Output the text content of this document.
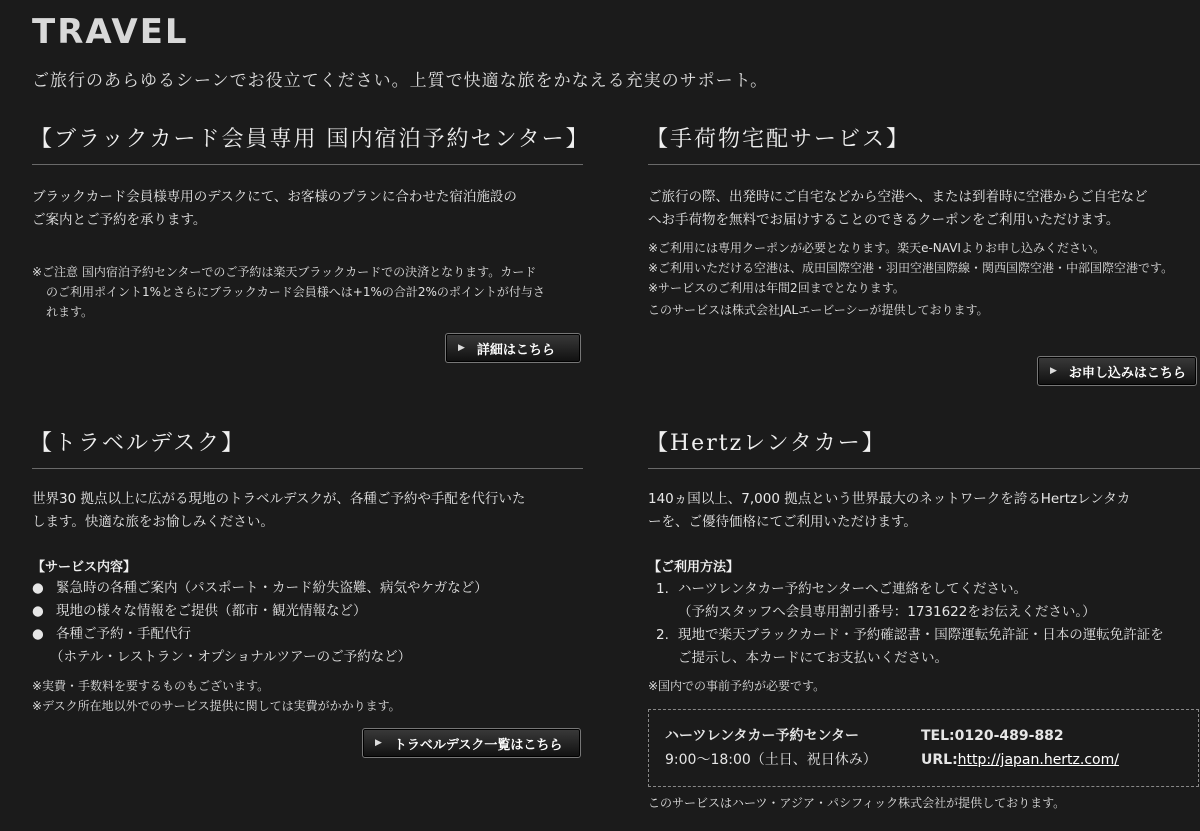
TRAVEL
ご旅行のあらゆるシーンでお役立てください。上質で快適な旅をかなえる充実のサポート。
【ブラックカード会員専用 国内宿泊予約センター】

ブラックカード会員様専用のデスクにて、お客様のプランに合わせた宿泊施設の

ご案内とご予約を承ります。

※ご注意 国内宿泊予約センターでのご予約は楽天ブラックカードでの決済となります。カードのご利用ポイント1%とさらにブラックカード会員様へは+1%の合計2%のポイントが付与されます。
▶ 詳細はこちら
【手荷物宅配サービス】

ご旅行の際、出発時にご自宅などから空港へ、または到着時に空港からご自宅など

へお手荷物を無料でお届けすることのできるクーポンをご利用いただけます。

※ご利用には専用クーポンが必要となります。楽天e-NAVIよりお申し込みください。

※ご利用いただける空港は、成田国際空港・羽田空港国際線・関西国際空港・中部国際空港です。

※サービスのご利用は年間2回までとなります。

このサービスは株式会社JALエービーシーが提供しております。

▶ お申し込みはこちら
【トラベルデスク】

世界30 拠点以上に広がる現地のトラベルデスクが、各種ご予約や手配を代行いた

します。快適な旅をお愉しみください。

【サービス内容】
● 緊急時の各種ご案内（パスポート・カード紛失盗難、病気やケガなど）
● 現地の様々な情報をご提供（都市・観光情報など）
● 各種ご予約・手配代行
（ホテル・レストラン・オプショナルツアーのご予約など）

※実費・手数料を要するものもございます。

※デスク所在地以外でのサービス提供に関しては実費がかかります。

▶ トラベルデスク一覧はこちら
【Hertzレンタカー】

140ヵ国以上、7,000 拠点という世界最大のネットワークを誇るHertzレンタカ

ーを、ご優待価格にてご利用いただけます。

【ご利用方法】
1. ハーツレンタカー予約センターへご連絡をしてください。
（予約スタッフへ会員専用割引番号：1731622をお伝えください。）
2. 現地で楽天ブラックカード・予約確認書・国際運転免許証・日本の運転免許証を
ご提示し、本カードにてお支払いください。
※国内での事前予約が必要です。
ハーツレンタカー予約センター	TEL:0120-489-882
9:00〜18:00（土日、祝日休み）	URL: http://japan.hertz.com/
このサービスはハーツ・アジア・パシフィック株式会社が提供しております。
